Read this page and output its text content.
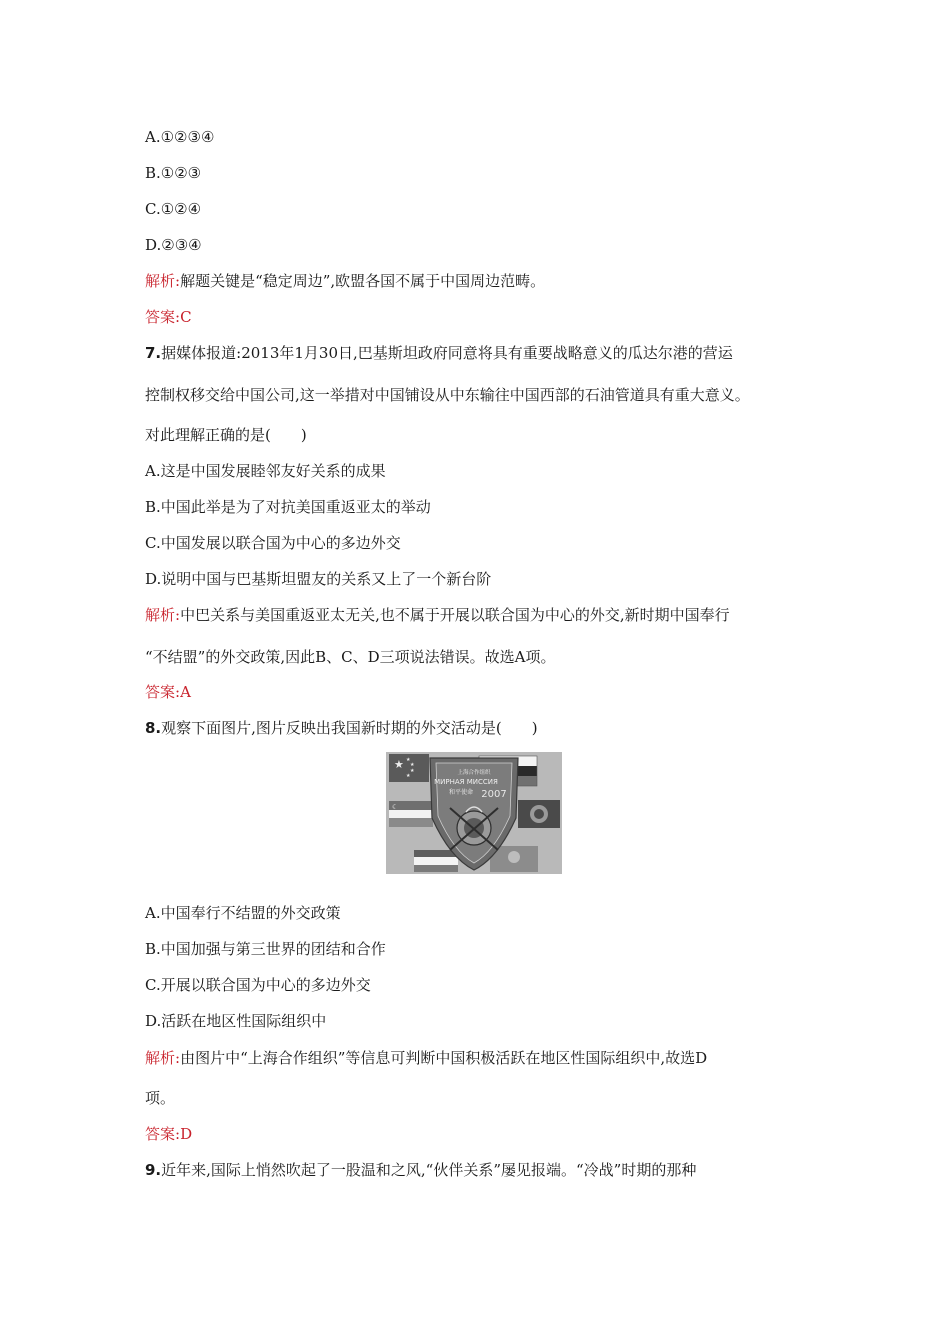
A.①②③④
B.①②③
C.①②④
D.②③④
解析:解题关键是“稳定周边”,欧盟各国不属于中国周边范畴。
答案:C
7.据媒体报道:2013年1月30日,巴基斯坦政府同意将具有重要战略意义的瓜达尔港的营运
控制权移交给中国公司,这一举措对中国铺设从中东输往中国西部的石油管道具有重大意义。
对此理解正确的是(　　)
A.这是中国发展睦邻友好关系的成果
B.中国此举是为了对抗美国重返亚太的举动
C.中国发展以联合国为中心的多边外交
D.说明中国与巴基斯坦盟友的关系又上了一个新台阶
解析:中巴关系与美国重返亚太无关,也不属于开展以联合国为中心的外交,新时期中国奉行
“不结盟”的外交政策,因此B、C、D三项说法错误。故选A项。
答案:A
8.观察下面图片,图片反映出我国新时期的外交活动是(　　)
★ ★
★
★
★
☾
上海合作组织
МИРНАЯ МИССИЯ
和平使命 2007
A.中国奉行不结盟的外交政策
B.中国加强与第三世界的团结和合作
C.开展以联合国为中心的多边外交
D.活跃在地区性国际组织中
解析:由图片中“上海合作组织”等信息可判断中国积极活跃在地区性国际组织中,故选D
项。
答案:D
9.近年来,国际上悄然吹起了一股温和之风,“伙伴关系”屡见报端。“冷战”时期的那种
